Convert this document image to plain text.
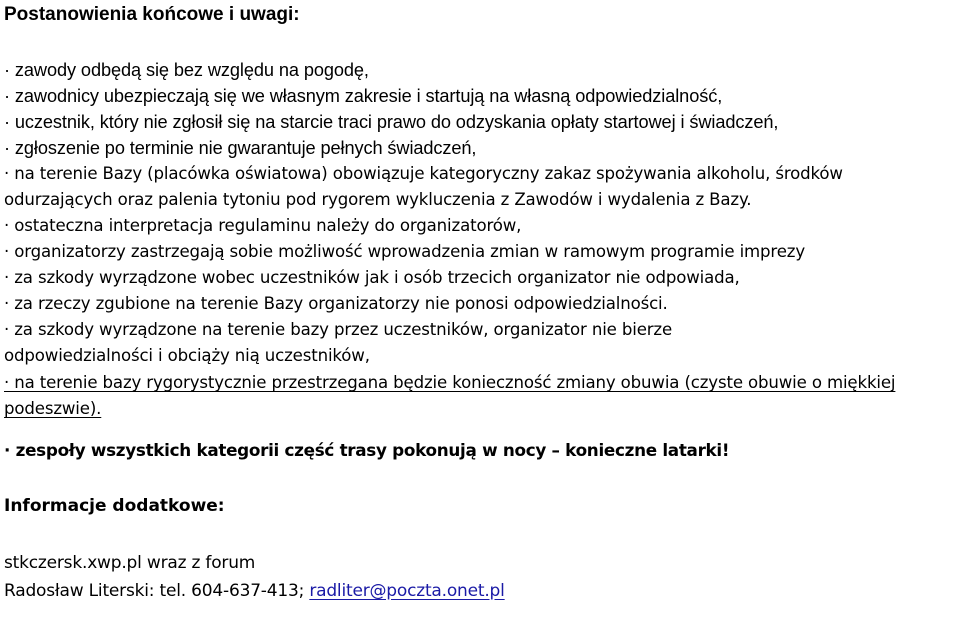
Postanowienia końcowe i uwagi:

· zawody odbędą się bez względu na pogodę,

· zawodnicy ubezpieczają się we własnym zakresie i startują na własną odpowiedzialność,

· uczestnik, który nie zgłosił się na starcie traci prawo do odzyskania opłaty startowej i świadczeń,

· zgłoszenie po terminie nie gwarantuje pełnych świadczeń,

· na terenie Bazy (placówka oświatowa) obowiązuje kategoryczny zakaz spożywania alkoholu, środków odurzających oraz palenia tytoniu pod rygorem wykluczenia z Zawodów i wydalenia z Bazy.

· ostateczna interpretacja regulaminu należy do organizatorów,

· organizatorzy zastrzegają sobie możliwość wprowadzenia zmian w ramowym programie imprezy

· za szkody wyrządzone wobec uczestników jak i osób trzecich organizator nie odpowiada,

· za rzeczy zgubione na terenie Bazy organizatorzy nie ponosi odpowiedzialności.

· za szkody wyrządzone na terenie bazy przez uczestników, organizator nie bierze odpowiedzialności i obciąży nią uczestników,

· na terenie bazy rygorystycznie przestrzegana będzie konieczność zmiany obuwia (czyste obuwie o miękkiej podeszwie).

· zespoły wszystkich kategorii część trasy pokonują w nocy – konieczne latarki!
Informacje dodatkowe:
stkczersk.xwp.pl wraz z forum
Radosław Literski: tel. 604-637-413; radliter@poczta.onet.pl
